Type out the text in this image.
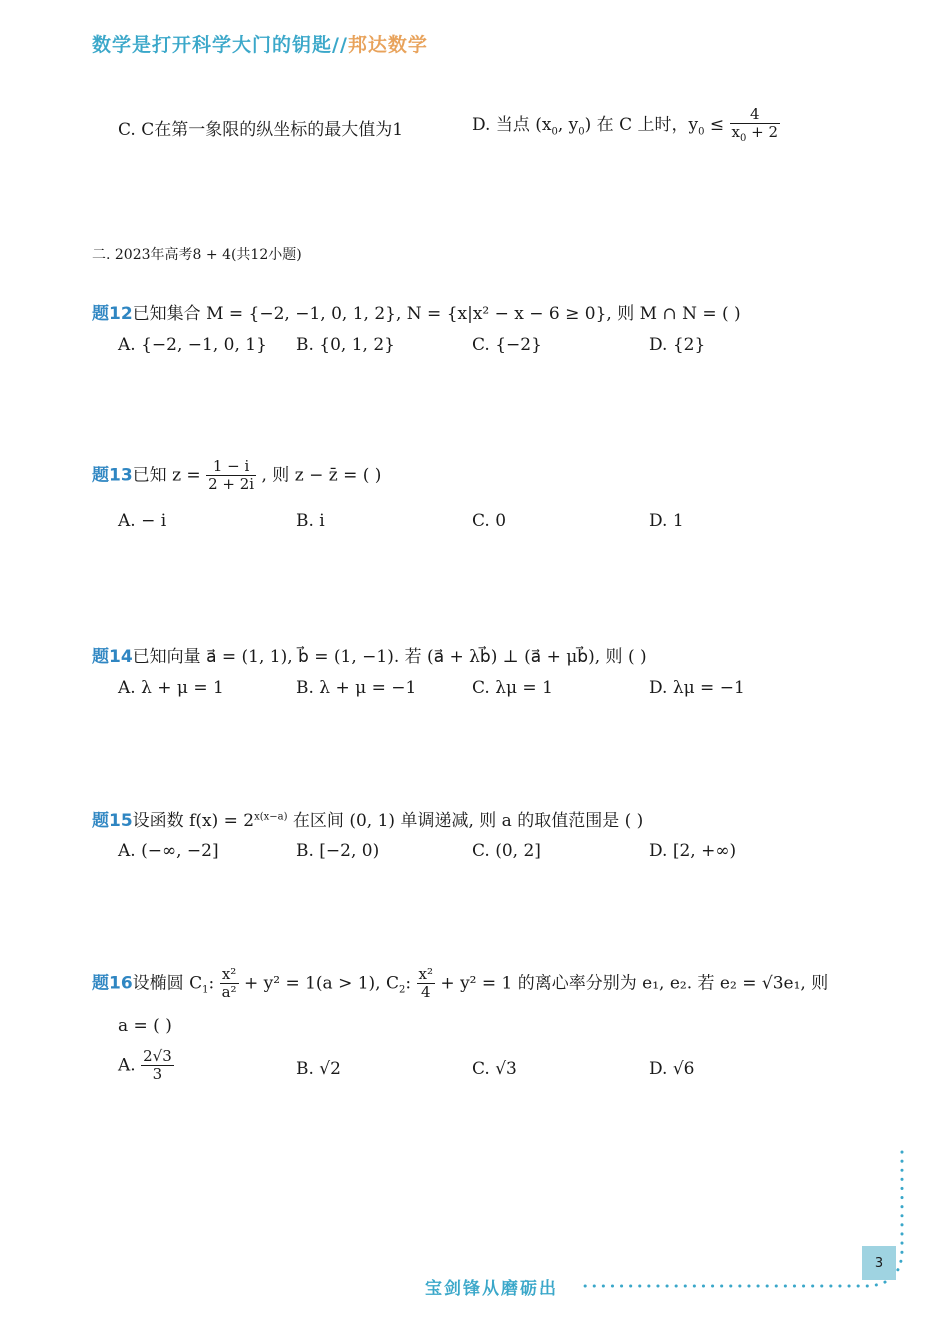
数学是打开科学大门的钥匙//邦达数学
C. C在第一象限的纵坐标的最大值为1	D. 当点 ($x_0$, $y_0$) 在 C 上时，$y_0 \le \frac{4}{x_0 + 2}$
二. 2023年高考8 + 4(共12小题)
题12已知集合 M = {−2, −1, 0, 1, 2}, N = {x|x² − x − 6 ≥ 0}, 则 M ∩ N = ( )
A. {−2, −1, 0, 1} B. {0, 1, 2}	C. {−2}	D. {2}
题13已知 $z = \frac{1 - i}{2 + 2i}$ , 则 z − z̄ = ( )
A. − i	B. i	C. 0	D. 1
题14已知向量 a⃗ = (1, 1), b⃗ = (1, −1). 若 (a⃗ + λb⃗) ⊥ (a⃗ + μb⃗), 则 ( )
A. λ + μ = 1	B. λ + μ = −1	C. λμ = 1	D. λμ = −1
题15设函数 $f(x) = 2^{x(x-a)}$ 在区间 (0, 1) 单调递减, 则 a 的取值范围是 ( )
A. (−∞, −2]	B. [−2, 0)	C. (0, 2]	D. [2, +∞)
题16设椭圆 $C_1$: $\frac{\text{x²}}{\text{a²}} + y^2 = 1(a > 1)$, $C_2$: $\frac{\text{x²}}{4} + y^2 = 1$ 的离心率分别为 e₁, e₂. 若 e₂ = √3e₁, 则
a = ( )
A. $\frac{2√3}{3}$	B. √2	C. √3	D. √6
3
宝剑锋从磨砺出
